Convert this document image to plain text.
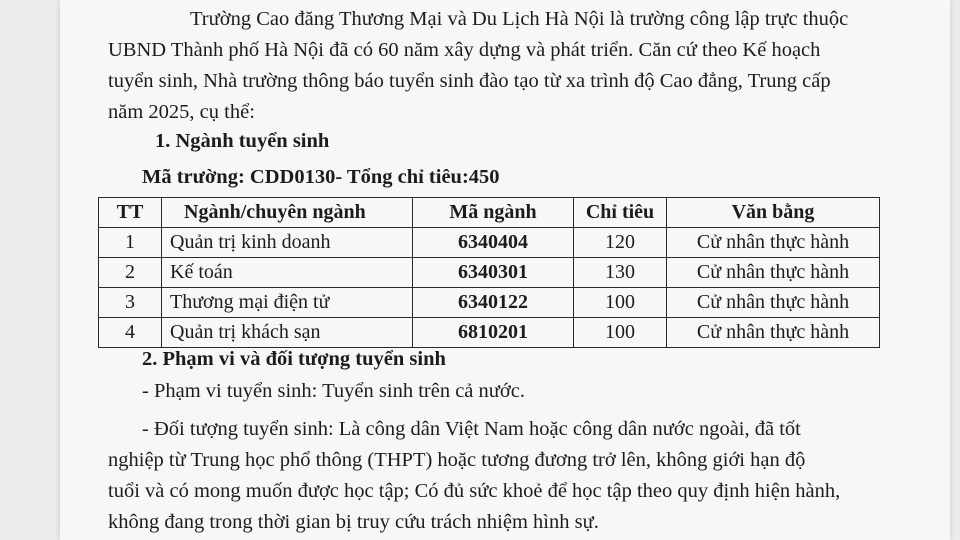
Trường Cao đăng Thương Mại và Du Lịch Hà Nội là trường công lập trực thuộc
UBND Thành phố Hà Nội đã có 60 năm xây dựng và phát triển. Căn cứ theo Kế hoạch
tuyển sinh, Nhà trường thông báo tuyển sinh đào tạo từ xa trình độ Cao đẳng, Trung cấp
năm 2025, cụ thể:
1. Ngành tuyển sinh
Mã trường: CDD0130- Tổng chỉ tiêu:450
TT	Ngành/chuyên ngành	Mã ngành	Chỉ tiêu	Văn bằng
1	Quản trị kinh doanh	6340404	120	Cử nhân thực hành
2	Kế toán	6340301	130	Cử nhân thực hành
3	Thương mại điện tử	6340122	100	Cử nhân thực hành
4	Quản trị khách sạn	6810201	100	Cử nhân thực hành
2. Phạm vi và đối tượng tuyển sinh
- Phạm vi tuyển sinh: Tuyển sinh trên cả nước.
- Đối tượng tuyển sinh: Là công dân Việt Nam hoặc công dân nước ngoài, đã tốt
nghiệp từ Trung học phổ thông (THPT) hoặc tương đương trở lên, không giới hạn độ
tuổi và có mong muốn được học tập; Có đủ sức khoẻ để học tập theo quy định hiện hành,
không đang trong thời gian bị truy cứu trách nhiệm hình sự.
